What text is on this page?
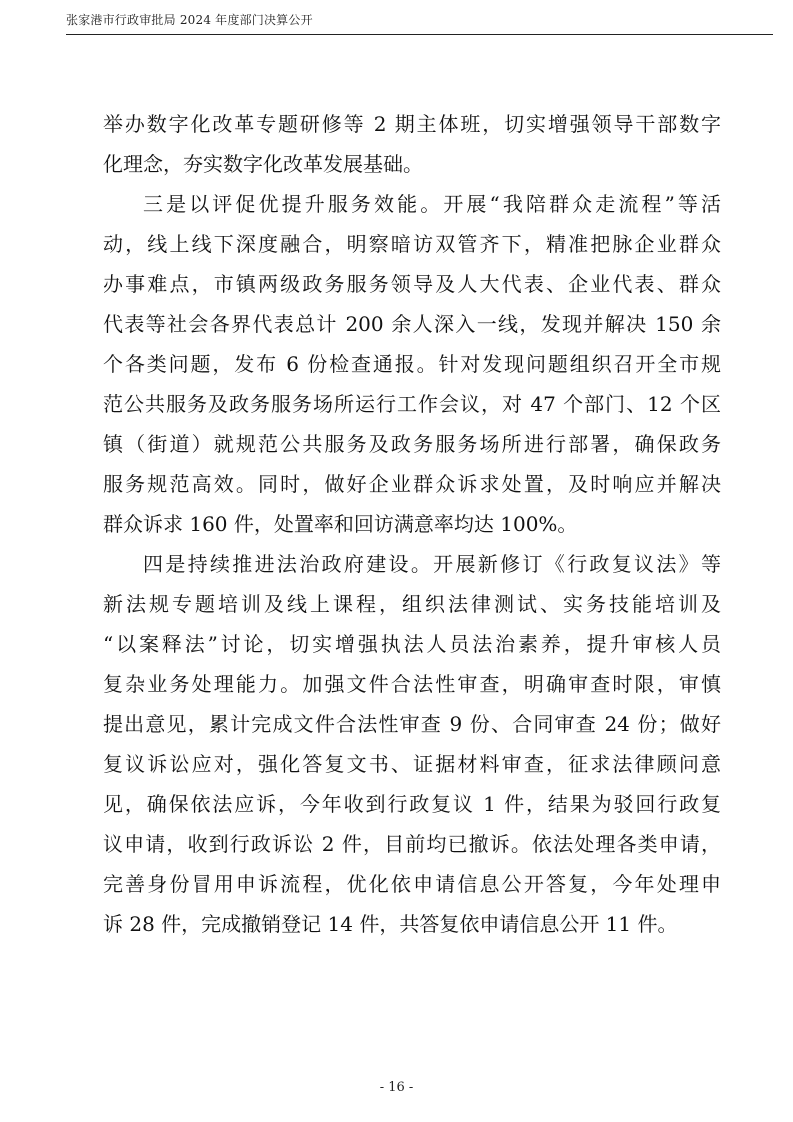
张家港市行政审批局 2024 年度部门决算公开
举办数字化改革专题研修等 2 期主体班，切实增强领导干部数字
化理念，夯实数字化改革发展基础。
三是以评促优提升服务效能。开展“我陪群众走流程”等活
动，线上线下深度融合，明察暗访双管齐下，精准把脉企业群众
办事难点，市镇两级政务服务领导及人大代表、企业代表、群众
代表等社会各界代表总计 200 余人深入一线，发现并解决 150 余
个各类问题，发布 6 份检查通报。针对发现问题组织召开全市规
范公共服务及政务服务场所运行工作会议，对 47 个部门、12 个区
镇（街道）就规范公共服务及政务服务场所进行部署，确保政务
服务规范高效。同时，做好企业群众诉求处置，及时响应并解决
群众诉求 160 件，处置率和回访满意率均达 100%。
四是持续推进法治政府建设。开展新修订《行政复议法》等
新法规专题培训及线上课程，组织法律测试、实务技能培训及
“以案释法”讨论，切实增强执法人员法治素养，提升审核人员
复杂业务处理能力。加强文件合法性审查，明确审查时限，审慎
提出意见，累计完成文件合法性审查 9 份、合同审查 24 份；做好
复议诉讼应对，强化答复文书、证据材料审查，征求法律顾问意
见，确保依法应诉，今年收到行政复议 1 件，结果为驳回行政复
议申请，收到行政诉讼 2 件，目前均已撤诉。依法处理各类申请，
完善身份冒用申诉流程，优化依申请信息公开答复，今年处理申
诉 28 件，完成撤销登记 14 件，共答复依申请信息公开 11 件。
- 16 -
